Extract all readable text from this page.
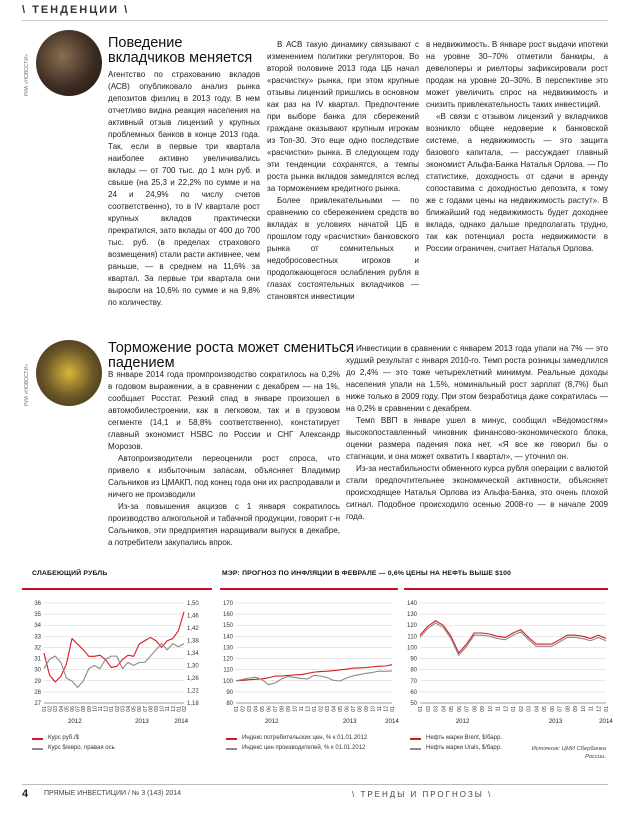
\ ТЕНДЕНЦИИ \
РИА «НОВОСТИ»
Поведение вкладчиков меняется

Агентство по страхованию вкладов (АСВ) опубликовало анализ рынка депозитов физлиц в 2013 году. В нем отчетливо видна реакция населения на активный отзыв лицензий у крупных проблемных банков в конце 2013 года. Так, если в первые три квартала наиболее активно увеличивались вклады — от 700 тыс. до 1 млн руб. и свыше (на 25,3 и 22,2% по сумме и на 24 и 24,9% по числу счетов соответственно), то в IV квартале рост крупных вкладов практически прекратился, зато вклады от 400 до 700 тыс. руб. (в пределах страхового возмещения) стали расти активнее, чем раньше, — в среднем на 11,6% за квартал. За первые три квартала они выросли на 10,6% по сумме и на 9,8% по количеству.

В АСВ такую динамику связывают с изменением политики регуляторов. Во второй половине 2013 года ЦБ начал «расчистку» рынка, при этом крупные отзывы лицензий пришлись в основном как раз на IV квартал. Предпочтение при выборе банка для сбережений граждане оказывают крупным игрокам из Топ-30. Это еще одно последствие «расчистки» рынка. В следующем году эти тенденции сохранятся, а темпы роста рынка вкладов замедлятся вслед за торможением кредитного рынка.

Более привлекательными — по сравнению со сбережением средств во вкладах в условиях начатой ЦБ в прошлом году «расчистки» банковского рынка от сомнительных и недобросовестных игроков и продолжающегося ослабления рубля в глазах состоятельных вкладчиков — становятся инвестиции

в недвижимость. В январе рост выдачи ипотеки на уровне 30–70% отметили банкиры, а девелоперы и риелторы зафиксировали рост продаж на уровне 20–30%. В перспективе это может увеличить спрос на недвижимость и снизить привлекательность таких инвестиций.

«В связи с отзывом лицензий у вкладчиков возникло общее недоверие к банковской системе, а недвижимость — это защита базового капитала, — рассуждает главный экономист Альфа-Банка Наталья Орлова. — По статистике, доходность от сдачи в аренду сопоставима с доходностью депозита, к тому же с годами цены на недвижимость растут». В ближайший год недвижимость будет доходнее вклада, однако дальше предполагать трудно, так как потенциал роста недвижимости в России ограничен, считает Наталья Орлова.

РИА «НОВОСТИ»
Торможение роста может смениться падением

В январе 2014 года промпроизводство сократилось на 0,2% в годовом выражении, а в сравнении с декабрем — на 1%, сообщает Росстат. Резкий спад в январе произошел в автомобилестроении, как в легковом, так и в грузовом сегменте (14,1 и 58,8% соответственно), констатирует главный экономист HSBC по России и СНГ Александр Морозов.

Автопроизводители переоценили рост спроса, что привело к избыточным запасам, объясняет Владимир Сальников из ЦМАКП, под конец года они их распродавали и ничего не производили

Из-за повышения акцизов с 1 января сократилось производство алкогольной и табачной продукции, говорит г-н Сальников, эти предприятия наращивали выпуск в декабре, а потребители закупались впрок.

Инвестиции в сравнении с январем 2013 года упали на 7% — это худший результат с января 2010-го. Темп роста розницы замедлился до 2,4% — это тоже четырехлетний минимум. Реальные доходы населения упали на 1,5%, номинальный рост зарплат (8,7%) был ниже только в 2009 году. При этом безработица даже сократилась — на 0,2% в сравнении с декабрем.

Темп ВВП в январе ушел в минус, сообщил «Ведомостям» высокопоставленный чиновник финансово-экономического блока, оценки размера падения пока нет. «Я все же говорил бы о стагнации, и она может охватить I квартал», — уточнил он.

Из-за нестабильности обменного курса рубля операции с валютой стали предпочтительнее экономической активности, объясняет происходящее Наталья Орлова из Альфа-Банка, это очень плохой сигнал. Подобное происходило осенью 2008-го — в начале 2009 года.

СЛАБЕЮЩИЙ РУБЛЬ	МЭР: ПРОГНОЗ ПО ИНФЛЯЦИИ В ФЕВРАЛЕ — 0,6% ЦЕНЫ НА НЕФТЬ ВЫШЕ $100
36
35
34
33
32
31
30
29
28
27
1,50
1,46
1,42
1,38
1,34
1,30
1,26
1,22
1,18
01 02 03 04 05 06 07 08 09 10 11 12 01 02 03 04 05 06 07 08 09 10 11 12 01 02
2012	2013	2014
170
160
150
140
130
120
110
100
90
80
01 02 03 04 05 06 07 08 09 10 11 12 01 02 03 04 05 06 07 08 09 10 11 12 01
2012	2013	2014
140
130
120
110
100
90
80
70
60
50
01 02 03 04 05 06 07 08 09 10 11 12 01 02 03 04 05 06 07 08 09 10 11 12 01
2012	2013	2014
Курс руб./$
Курс $/евро, правая ось
Индекс потребительских цен, % к 01.01.2012
Индекс цен производителей, % к 01.01.2012
Нефть марки Brent, $/барр.
Нефть марки Urals, $/барр.	Источник: ЦМИ Сбербанка России.
4 ПРЯМЫЕ ИНВЕСТИЦИИ / № 3 (143) 2014	\ ТРЕНДЫ И ПРОГНОЗЫ \
